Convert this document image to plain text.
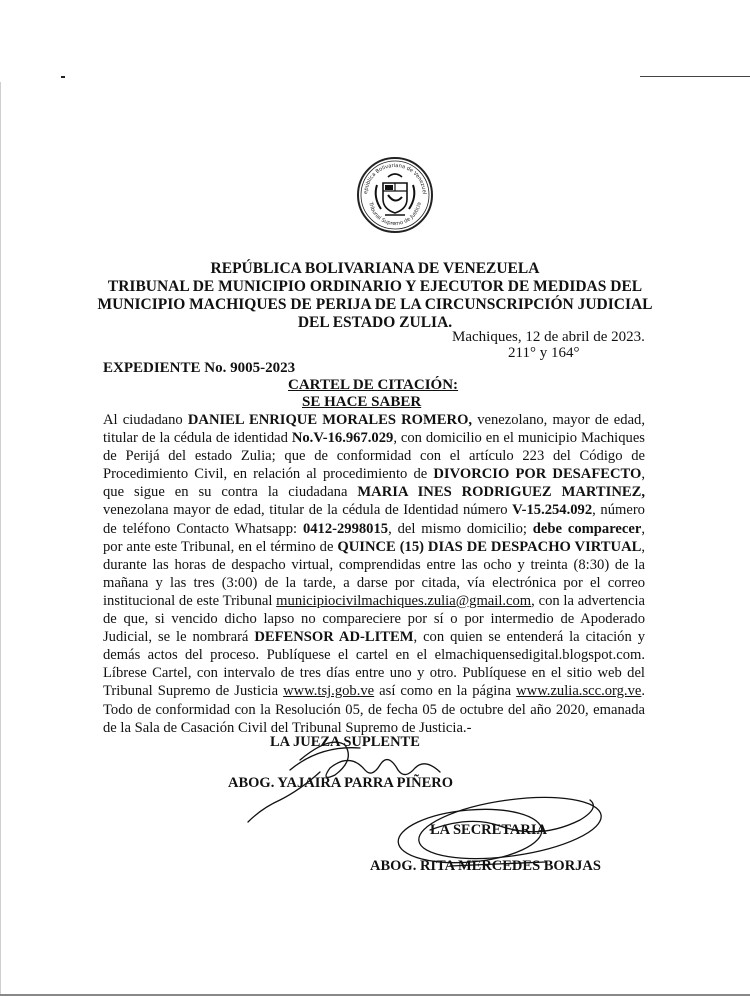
epública Bolivariana de Venezuel
Tribunal Supremo de Justicia
REPÚBLICA BOLIVARIANA DE VENEZUELA
TRIBUNAL DE MUNICIPIO ORDINARIO Y EJECUTOR DE MEDIDAS DEL
MUNICIPIO MACHIQUES DE PERIJA DE LA CIRCUNSCRIPCIÓN JUDICIAL
DEL ESTADO ZULIA.
Machiques, 12 de abril de 2023.
211° y 164°
EXPEDIENTE No. 9005-2023
CARTEL DE CITACIÓN:
SE HACE SABER
Al ciudadano DANIEL ENRIQUE MORALES ROMERO, venezolano, mayor de edad, titular de la cédula de identidad No.V-16.967.029, con domicilio en el municipio Machiques de Perijá del estado Zulia; que de conformidad con el artículo 223 del Código de Procedimiento Civil, en relación al procedimiento de DIVORCIO POR DESAFECTO, que sigue en su contra la ciudadana MARIA INES RODRIGUEZ MARTINEZ, venezolana mayor de edad, titular de la cédula de Identidad número V-15.254.092, número de teléfono Contacto Whatsapp: 0412-2998015, del mismo domicilio; debe comparecer, por ante este Tribunal, en el término de QUINCE (15) DIAS DE DESPACHO VIRTUAL, durante las horas de despacho virtual, comprendidas entre las ocho y treinta (8:30) de la mañana y las tres (3:00) de la tarde, a darse por citada, vía electrónica por el correo institucional de este Tribunal municipiocivilmachiques.zulia@gmail.com, con la advertencia de que, si vencido dicho lapso no compareciere por sí o por intermedio de Apoderado Judicial, se le nombrará DEFENSOR AD-LITEM, con quien se entenderá la citación y demás actos del proceso. Publíquese el cartel en el elmachiquensedigital.blogspot.com. Líbrese Cartel, con intervalo de tres días entre uno y otro. Publíquese en el sitio web del Tribunal Supremo de Justicia www.tsj.gob.ve así como en la página www.zulia.scc.org.ve. Todo de conformidad con la Resolución 05, de fecha 05 de octubre del año 2020, emanada de la Sala de Casación Civil del Tribunal Supremo de Justicia.-
LA JUEZA SUPLENTE
ABOG. YAJAIRA PARRA PIÑERO
LA SECRETARIA
ABOG. RITA MERCEDES BORJAS
